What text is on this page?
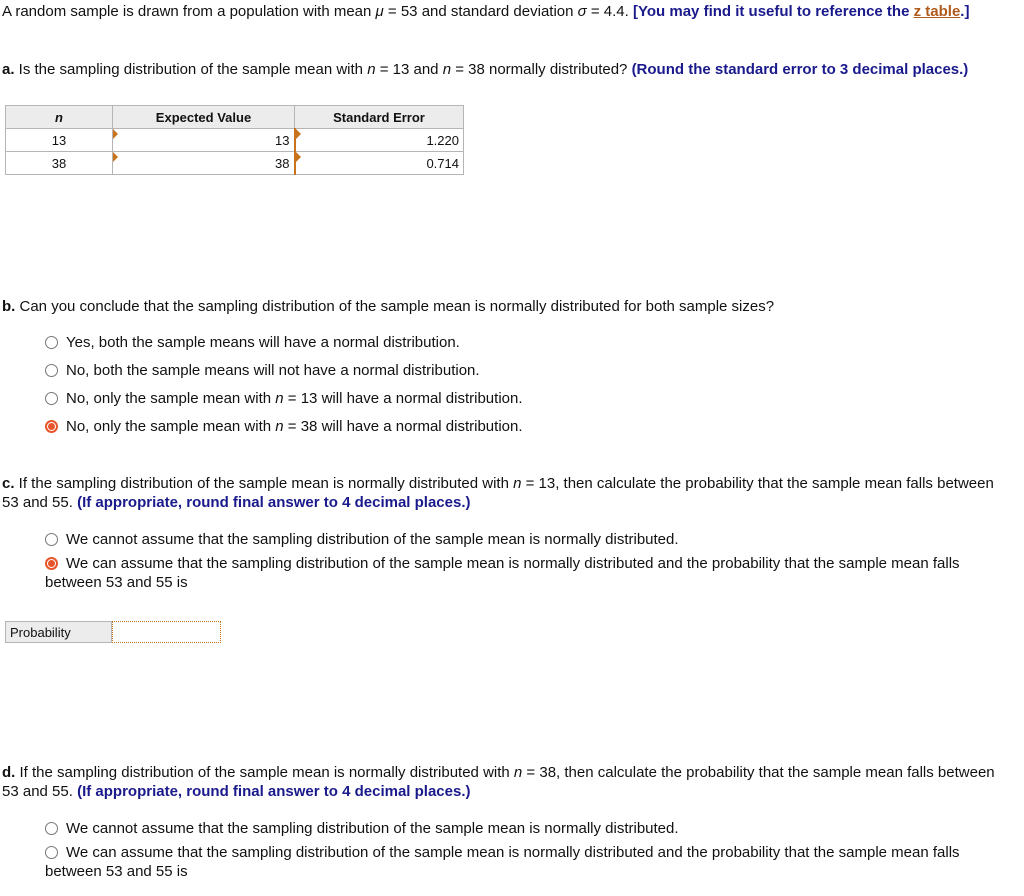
A random sample is drawn from a population with mean μ = 53 and standard deviation σ = 4.4. [You may find it useful to reference the z table.]
a. Is the sampling distribution of the sample mean with n = 13 and n = 38 normally distributed? (Round the standard error to 3 decimal places.)
n	Expected Value	Standard Error
13	13	1.220
38	38	0.714
b. Can you conclude that the sampling distribution of the sample mean is normally distributed for both sample sizes?
Yes, both the sample means will have a normal distribution.
No, both the sample means will not have a normal distribution.
No, only the sample mean with n = 13 will have a normal distribution.
No, only the sample mean with n = 38 will have a normal distribution.
c. If the sampling distribution of the sample mean is normally distributed with n = 13, then calculate the probability that the sample mean falls between 53 and 55. (If appropriate, round final answer to 4 decimal places.)
We cannot assume that the sampling distribution of the sample mean is normally distributed.
We can assume that the sampling distribution of the sample mean is normally distributed and the probability that the sample mean falls between 53 and 55 is
Probability
d. If the sampling distribution of the sample mean is normally distributed with n = 38, then calculate the probability that the sample mean falls between 53 and 55. (If appropriate, round final answer to 4 decimal places.)
We cannot assume that the sampling distribution of the sample mean is normally distributed.
We can assume that the sampling distribution of the sample mean is normally distributed and the probability that the sample mean falls between 53 and 55 is
